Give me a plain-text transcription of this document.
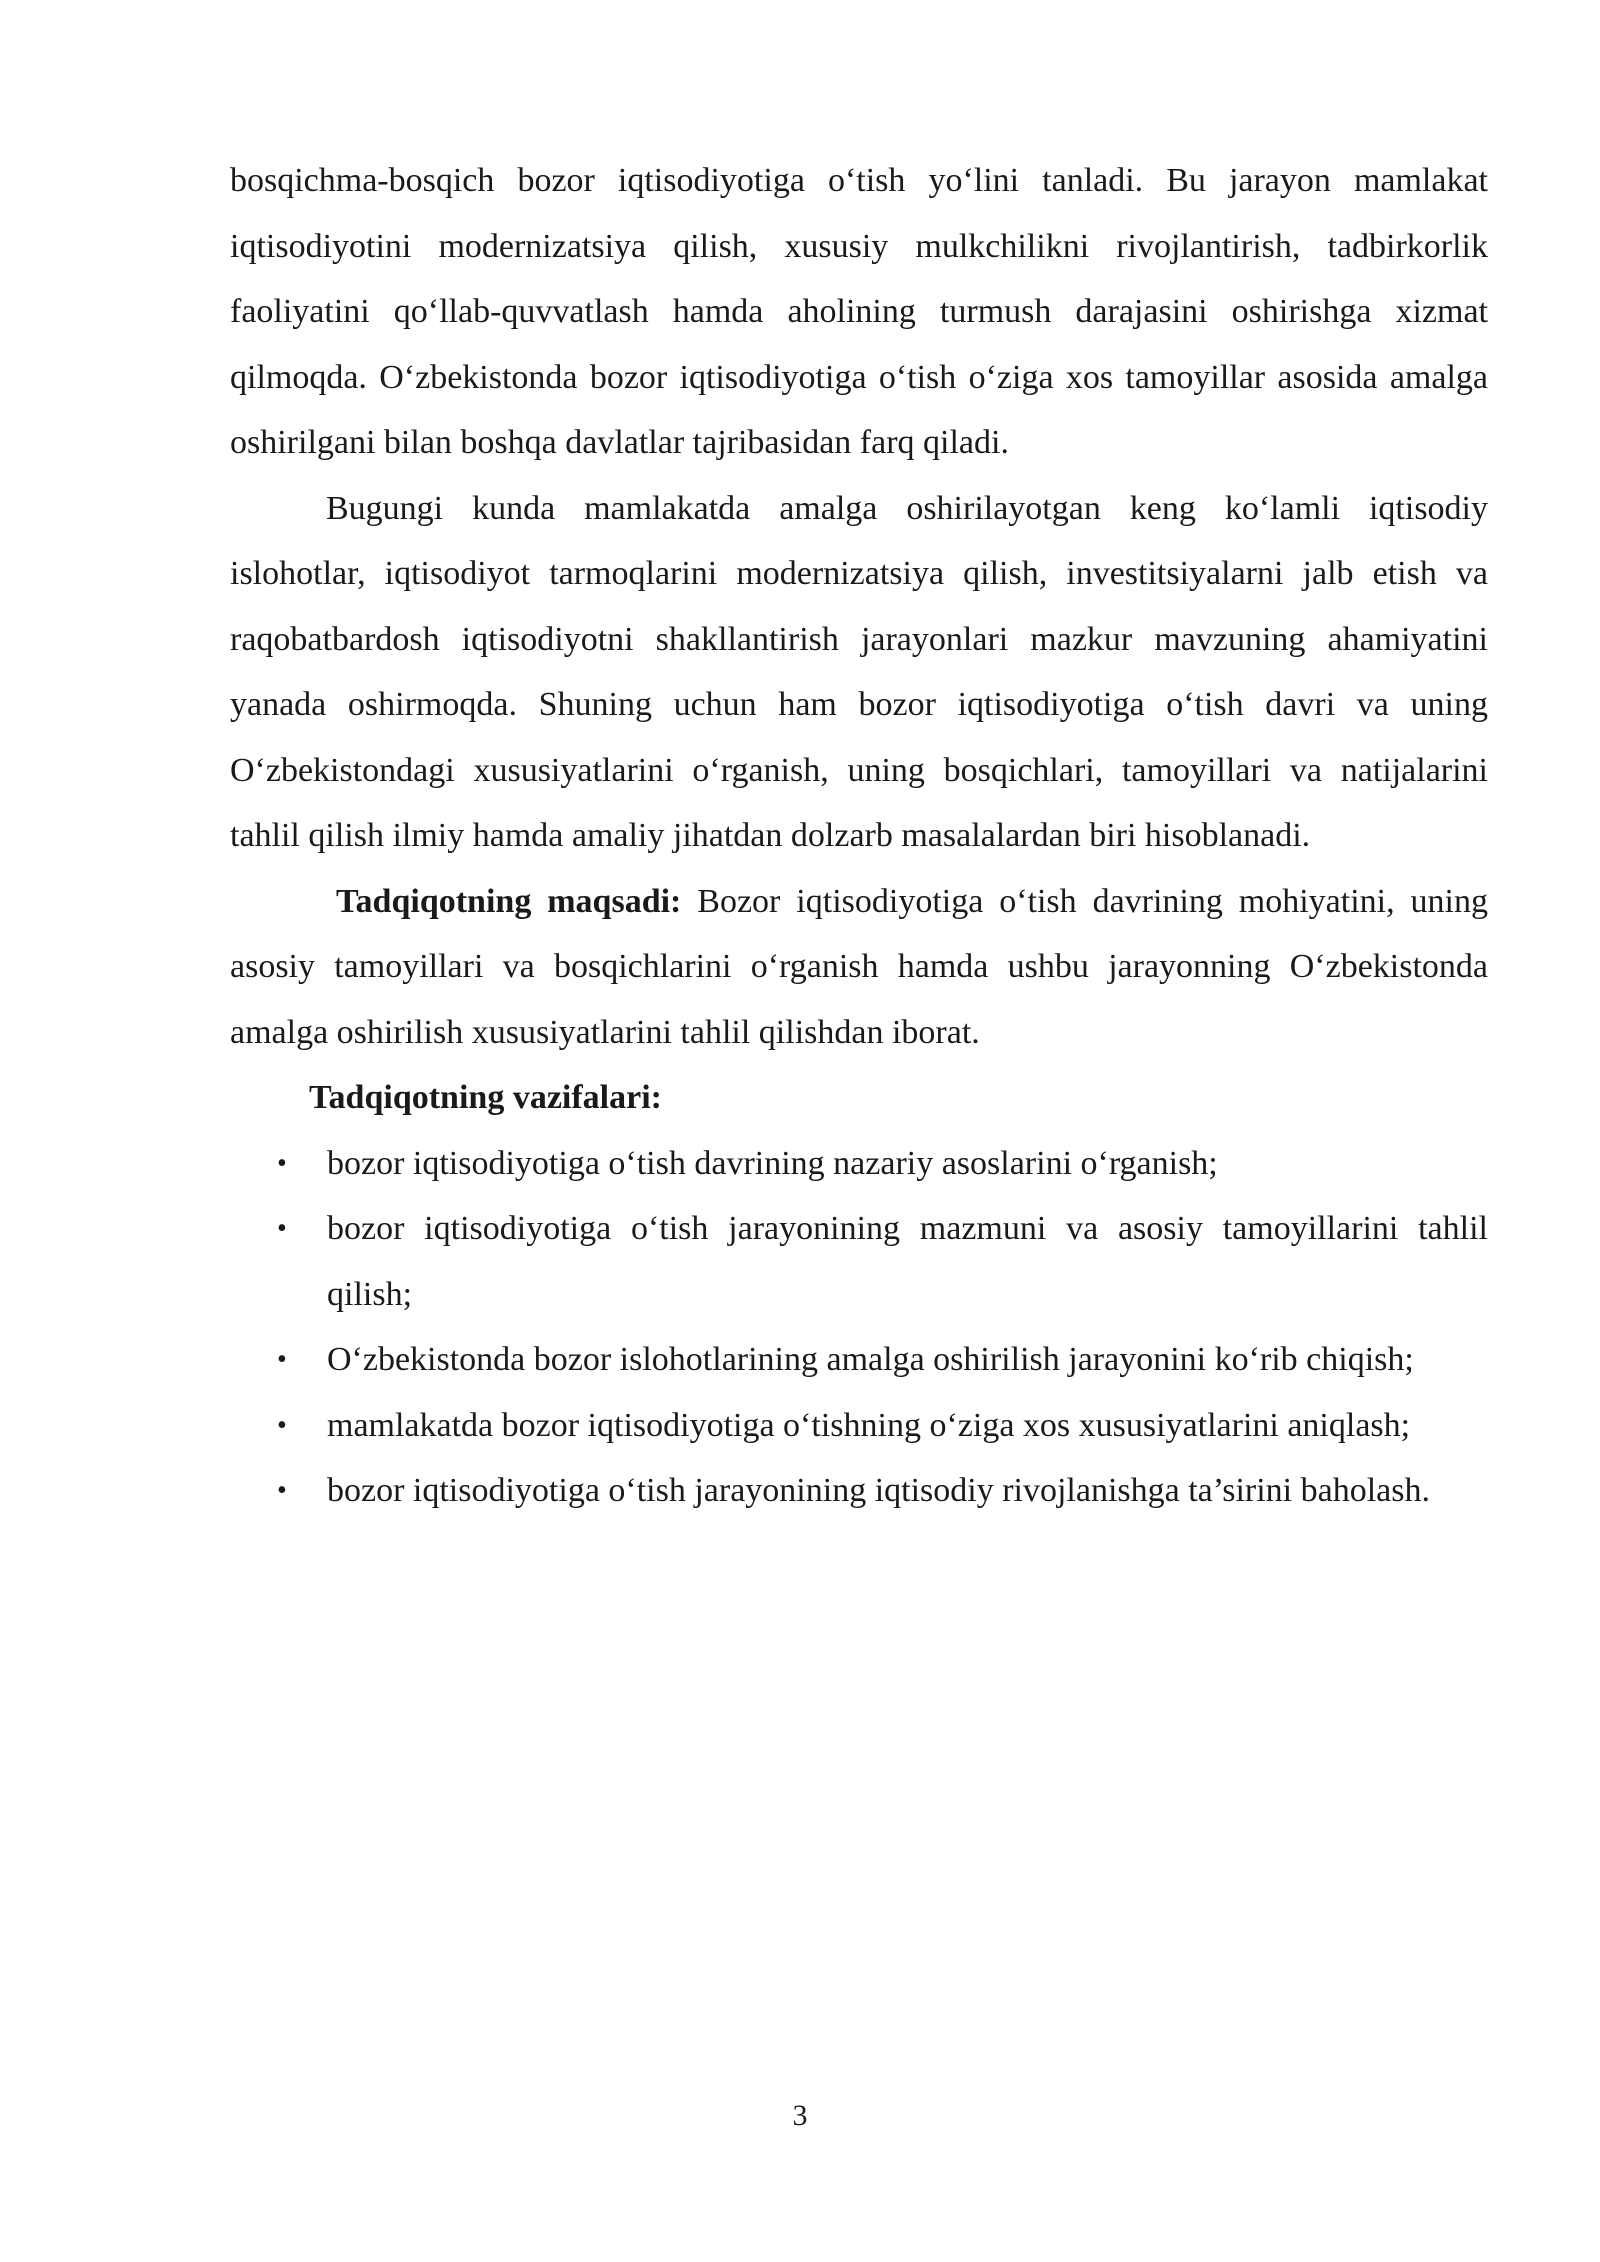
bosqichma-bosqich bozor iqtisodiyotiga o‘tish yo‘lini tanladi. Bu jarayon mamlakat iqtisodiyotini modernizatsiya qilish, xususiy mulkchilikni rivojlantirish, tadbirkorlik faoliyatini qo‘llab-quvvatlash hamda aholining turmush darajasini oshirishga xizmat qilmoqda. O‘zbekistonda bozor iqtisodiyotiga o‘tish o‘ziga xos tamoyillar asosida amalga oshirilgani bilan boshqa davlatlar tajribasidan farq qiladi.

Bugungi kunda mamlakatda amalga oshirilayotgan keng ko‘lamli iqtisodiy islohotlar, iqtisodiyot tarmoqlarini modernizatsiya qilish, investitsiyalarni jalb etish va raqobatbardosh iqtisodiyotni shakllantirish jarayonlari mazkur mavzuning ahamiyatini yanada oshirmoqda. Shuning uchun ham bozor iqtisodiyotiga o‘tish davri va uning O‘zbekistondagi xususiyatlarini o‘rganish, uning bosqichlari, tamoyillari va natijalarini tahlil qilish ilmiy hamda amaliy jihatdan dolzarb masalalardan biri hisoblanadi.

Tadqiqotning maqsadi: Bozor iqtisodiyotiga o‘tish davrining mohiyatini, uning asosiy tamoyillari va bosqichlarini o‘rganish hamda ushbu jarayonning O‘zbekistonda amalga oshirilish xususiyatlarini tahlil qilishdan iborat.

Tadqiqotning vazifalari:

• bozor iqtisodiyotiga o‘tish davrining nazariy asoslarini o‘rganish;
• bozor iqtisodiyotiga o‘tish jarayonining mazmuni va asosiy tamoyillarini tahlil qilish;
• O‘zbekistonda bozor islohotlarining amalga oshirilish jarayonini ko‘rib chiqish;
• mamlakatda bozor iqtisodiyotiga o‘tishning o‘ziga xos xususiyatlarini aniqlash;
• bozor iqtisodiyotiga o‘tish jarayonining iqtisodiy rivojlanishga ta’sirini baholash.
3
